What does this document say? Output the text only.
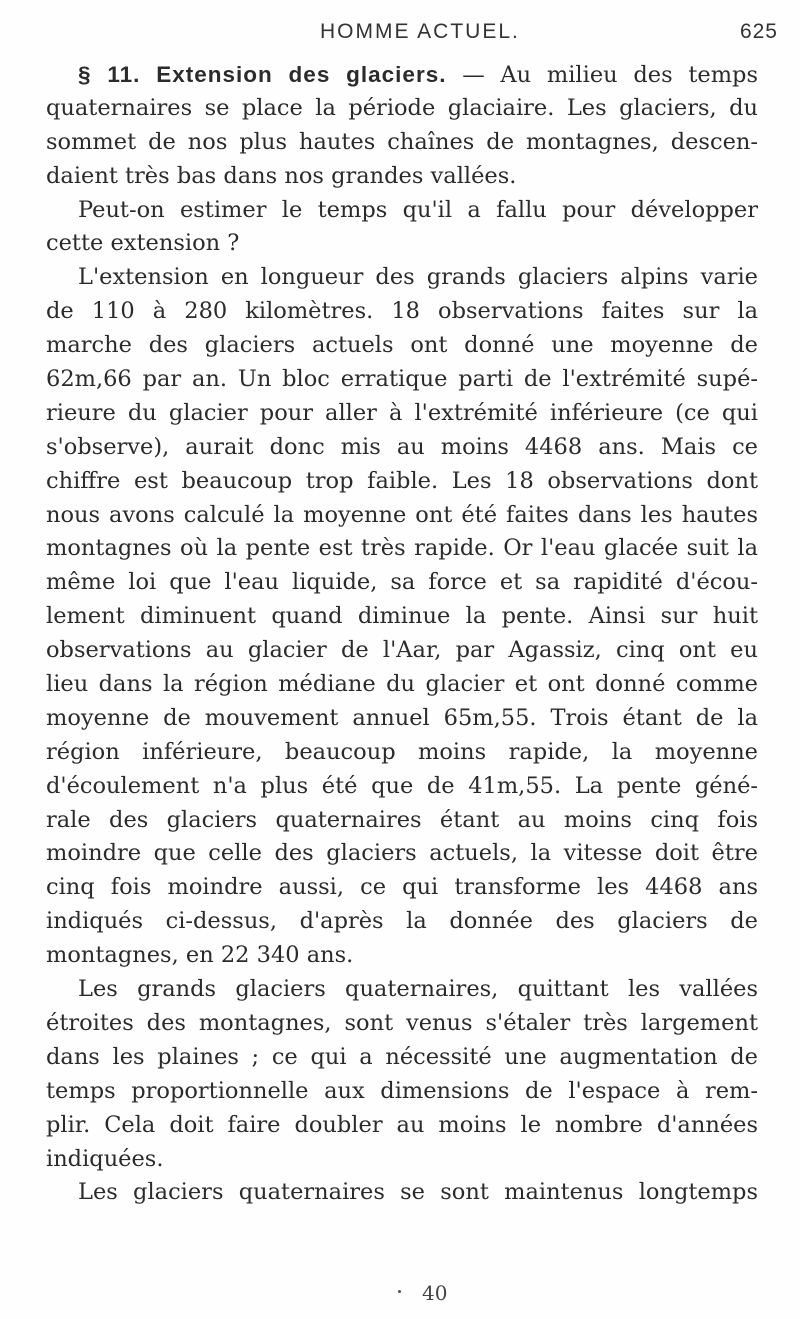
HOMME ACTUEL.	625
§ 11. Extension des glaciers. — Au milieu des temps
quaternaires se place la période glaciaire. Les glaciers, du
sommet de nos plus hautes chaînes de montagnes, descen-
daient très bas dans nos grandes vallées.
Peut-on estimer le temps qu'il a fallu pour développer
cette extension ?
L'extension en longueur des grands glaciers alpins varie
de 110 à 280 kilomètres. 18 observations faites sur la
marche des glaciers actuels ont donné une moyenne de
62m,66 par an. Un bloc erratique parti de l'extrémité supé-
rieure du glacier pour aller à l'extrémité inférieure (ce qui
s'observe), aurait donc mis au moins 4468 ans. Mais ce
chiffre est beaucoup trop faible. Les 18 observations dont
nous avons calculé la moyenne ont été faites dans les hautes
montagnes où la pente est très rapide. Or l'eau glacée suit la
même loi que l'eau liquide, sa force et sa rapidité d'écou-
lement diminuent quand diminue la pente. Ainsi sur huit
observations au glacier de l'Aar, par Agassiz, cinq ont eu
lieu dans la région médiane du glacier et ont donné comme
moyenne de mouvement annuel 65m,55. Trois étant de la
région inférieure, beaucoup moins rapide, la moyenne
d'écoulement n'a plus été que de 41m,55. La pente géné-
rale des glaciers quaternaires étant au moins cinq fois
moindre que celle des glaciers actuels, la vitesse doit être
cinq fois moindre aussi, ce qui transforme les 4468 ans
indiqués ci-dessus, d'après la donnée des glaciers de
montagnes, en 22 340 ans.
Les grands glaciers quaternaires, quittant les vallées
étroites des montagnes, sont venus s'étaler très largement
dans les plaines ; ce qui a nécessité une augmentation de
temps proportionnelle aux dimensions de l'espace à rem-
plir. Cela doit faire doubler au moins le nombre d'années
indiquées.
Les glaciers quaternaires se sont maintenus longtemps
40
